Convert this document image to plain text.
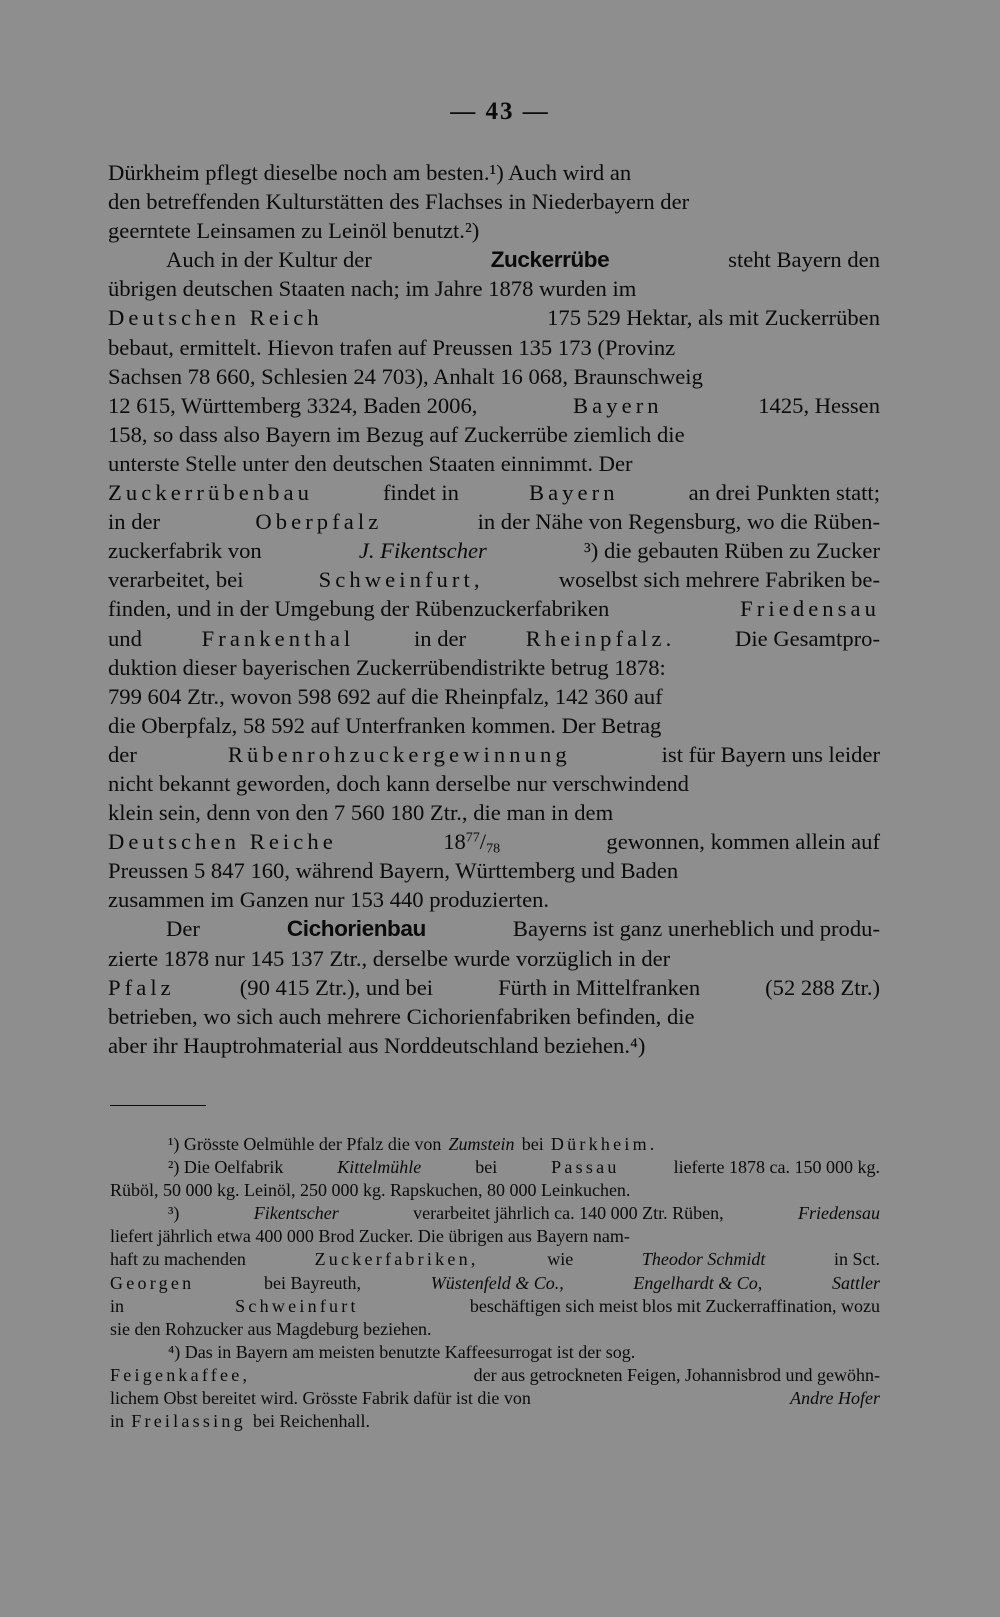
— 43 —
Dürkheim pflegt dieselbe noch am besten.¹) Auch wird an
den betreffenden Kulturstätten des Flachses in Niederbayern der
geerntete Leinsamen zu Leinöl benutzt.²)
Auch in der Kultur der	Zuckerrübe	steht Bayern den
übrigen deutschen Staaten nach; im Jahre 1878 wurden im
Deutschen Reich	175 529 Hektar, als mit Zuckerrüben
bebaut, ermittelt. Hievon trafen auf Preussen 135 173 (Provinz
Sachsen 78 660, Schlesien 24 703), Anhalt 16 068, Braunschweig
12 615, Württemberg 3324, Baden 2006,	Bayern	1425, Hessen
158, so dass also Bayern im Bezug auf Zuckerrübe ziemlich die
unterste Stelle unter den deutschen Staaten einnimmt. Der
Zuckerrübenbau	findet in	Bayern	an drei Punkten statt;
in der	Oberpfalz	in der Nähe von Regensburg, wo die Rüben-
zuckerfabrik von	J. Fikentscher	³) die gebauten Rüben zu Zucker
verarbeitet, bei	Schweinfurt,	woselbst sich mehrere Fabriken be-
finden, und in der Umgebung der Rübenzuckerfabriken	Friedensau
und	Frankenthal	in der	Rheinpfalz.	Die Gesamtpro-
duktion dieser bayerischen Zuckerrübendistrikte betrug 1878:
799 604 Ztr., wovon 598 692 auf die Rheinpfalz, 142 360 auf
die Oberpfalz, 58 592 auf Unterfranken kommen. Der Betrag
der	Rübenrohzuckergewinnung	ist für Bayern uns leider
nicht bekannt geworden, doch kann derselbe nur verschwindend
klein sein, denn von den 7 560 180 Ztr., die man in dem
Deutschen Reiche	$18^{77}/_{78}$	gewonnen, kommen allein auf
Preussen 5 847 160, während Bayern, Württemberg und Baden
zusammen im Ganzen nur 153 440 produzierten.
Der	Cichorienbau	Bayerns ist ganz unerheblich und produ-
zierte 1878 nur 145 137 Ztr., derselbe wurde vorzüglich in der
Pfalz	(90 415 Ztr.), und bei	Fürth in Mittelfranken	(52 288 Ztr.)
betrieben, wo sich auch mehrere Cichorienfabriken befinden, die
aber ihr Hauptrohmaterial aus Norddeutschland beziehen.⁴)
¹) Grösste Oelmühle der Pfalz die von Zumstein bei Dürkheim.
²) Die Oelfabrik	Kittelmühle	bei	Passau	lieferte 1878 ca. 150 000 kg.
Rüböl, 50 000 kg. Leinöl, 250 000 kg. Rapskuchen, 80 000 Leinkuchen.
³)	Fikentscher	verarbeitet jährlich ca. 140 000 Ztr. Rüben,	Friedensau
liefert jährlich etwa 400 000 Brod Zucker. Die übrigen aus Bayern nam-
haft zu machenden	Zuckerfabriken,	wie	Theodor Schmidt	in Sct.
Georgen	bei Bayreuth,	Wüstenfeld & Co.,	Engelhardt & Co,	Sattler
in	Schweinfurt	beschäftigen sich meist blos mit Zuckerraffination, wozu
sie den Rohzucker aus Magdeburg beziehen.
⁴) Das in Bayern am meisten benutzte Kaffeesurrogat ist der sog.
Feigenkaffee,	der aus getrockneten Feigen, Johannisbrod und gewöhn-
lichem Obst bereitet wird. Grösste Fabrik dafür ist die von	Andre Hofer
in Freilassing bei Reichenhall.
